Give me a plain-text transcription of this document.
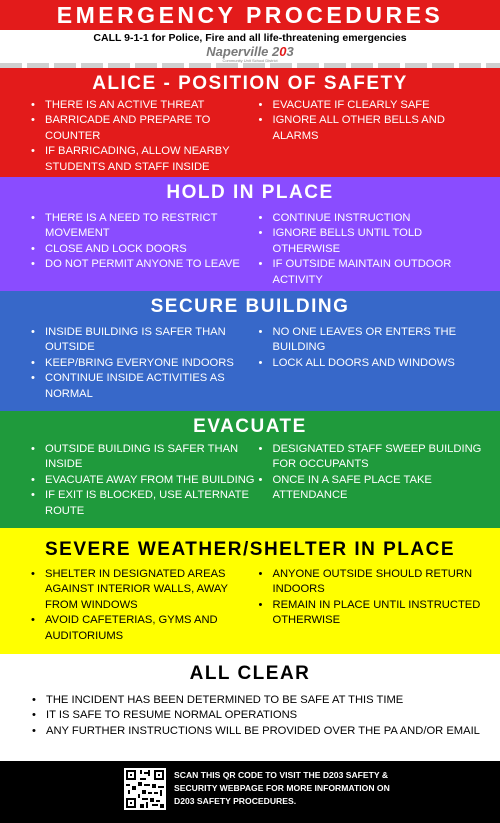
EMERGENCY PROCEDURES
CALL 9-1-1 for Police, Fire and all life-threatening emergencies
Naperville 203
Community Unit School District
ALICE - POSITION OF SAFETY
• THERE IS AN ACTIVE THREAT
• BARRICADE AND PREPARE TO COUNTER
• IF BARRICADING, ALLOW NEARBY STUDENTS AND STAFF INSIDE
• EVACUATE IF CLEARLY SAFE
• IGNORE ALL OTHER BELLS AND ALARMS
HOLD IN PLACE
• THERE IS A NEED TO RESTRICT MOVEMENT
• CLOSE AND LOCK DOORS
• DO NOT PERMIT ANYONE TO LEAVE
• CONTINUE INSTRUCTION
• IGNORE BELLS UNTIL TOLD OTHERWISE
• IF OUTSIDE MAINTAIN OUTDOOR ACTIVITY
SECURE BUILDING
• INSIDE BUILDING IS SAFER THAN OUTSIDE
• KEEP/BRING EVERYONE INDOORS
• CONTINUE INSIDE ACTIVITIES AS NORMAL
• NO ONE LEAVES OR ENTERS THE BUILDING
• LOCK ALL DOORS AND WINDOWS
EVACUATE
• OUTSIDE BUILDING IS SAFER THAN INSIDE
• EVACUATE AWAY FROM THE BUILDING
• IF EXIT IS BLOCKED, USE ALTERNATE ROUTE
• DESIGNATED STAFF SWEEP BUILDING FOR OCCUPANTS
• ONCE IN A SAFE PLACE TAKE ATTENDANCE
SEVERE WEATHER/SHELTER IN PLACE
• SHELTER IN DESIGNATED AREAS AGAINST INTERIOR WALLS, AWAY FROM WINDOWS
• AVOID CAFETERIAS, GYMS AND AUDITORIUMS
• ANYONE OUTSIDE SHOULD RETURN INDOORS
• REMAIN IN PLACE UNTIL INSTRUCTED OTHERWISE
ALL CLEAR
• THE INCIDENT HAS BEEN DETERMINED TO BE SAFE AT THIS TIME
• IT IS SAFE TO RESUME NORMAL OPERATIONS
• ANY FURTHER INSTRUCTIONS WILL BE PROVIDED OVER THE PA AND/OR EMAIL
SCAN THIS QR CODE TO VISIT THE D203 SAFETY & SECURITY WEBPAGE FOR MORE INFORMATION ON D203 SAFETY PROCEDURES.
